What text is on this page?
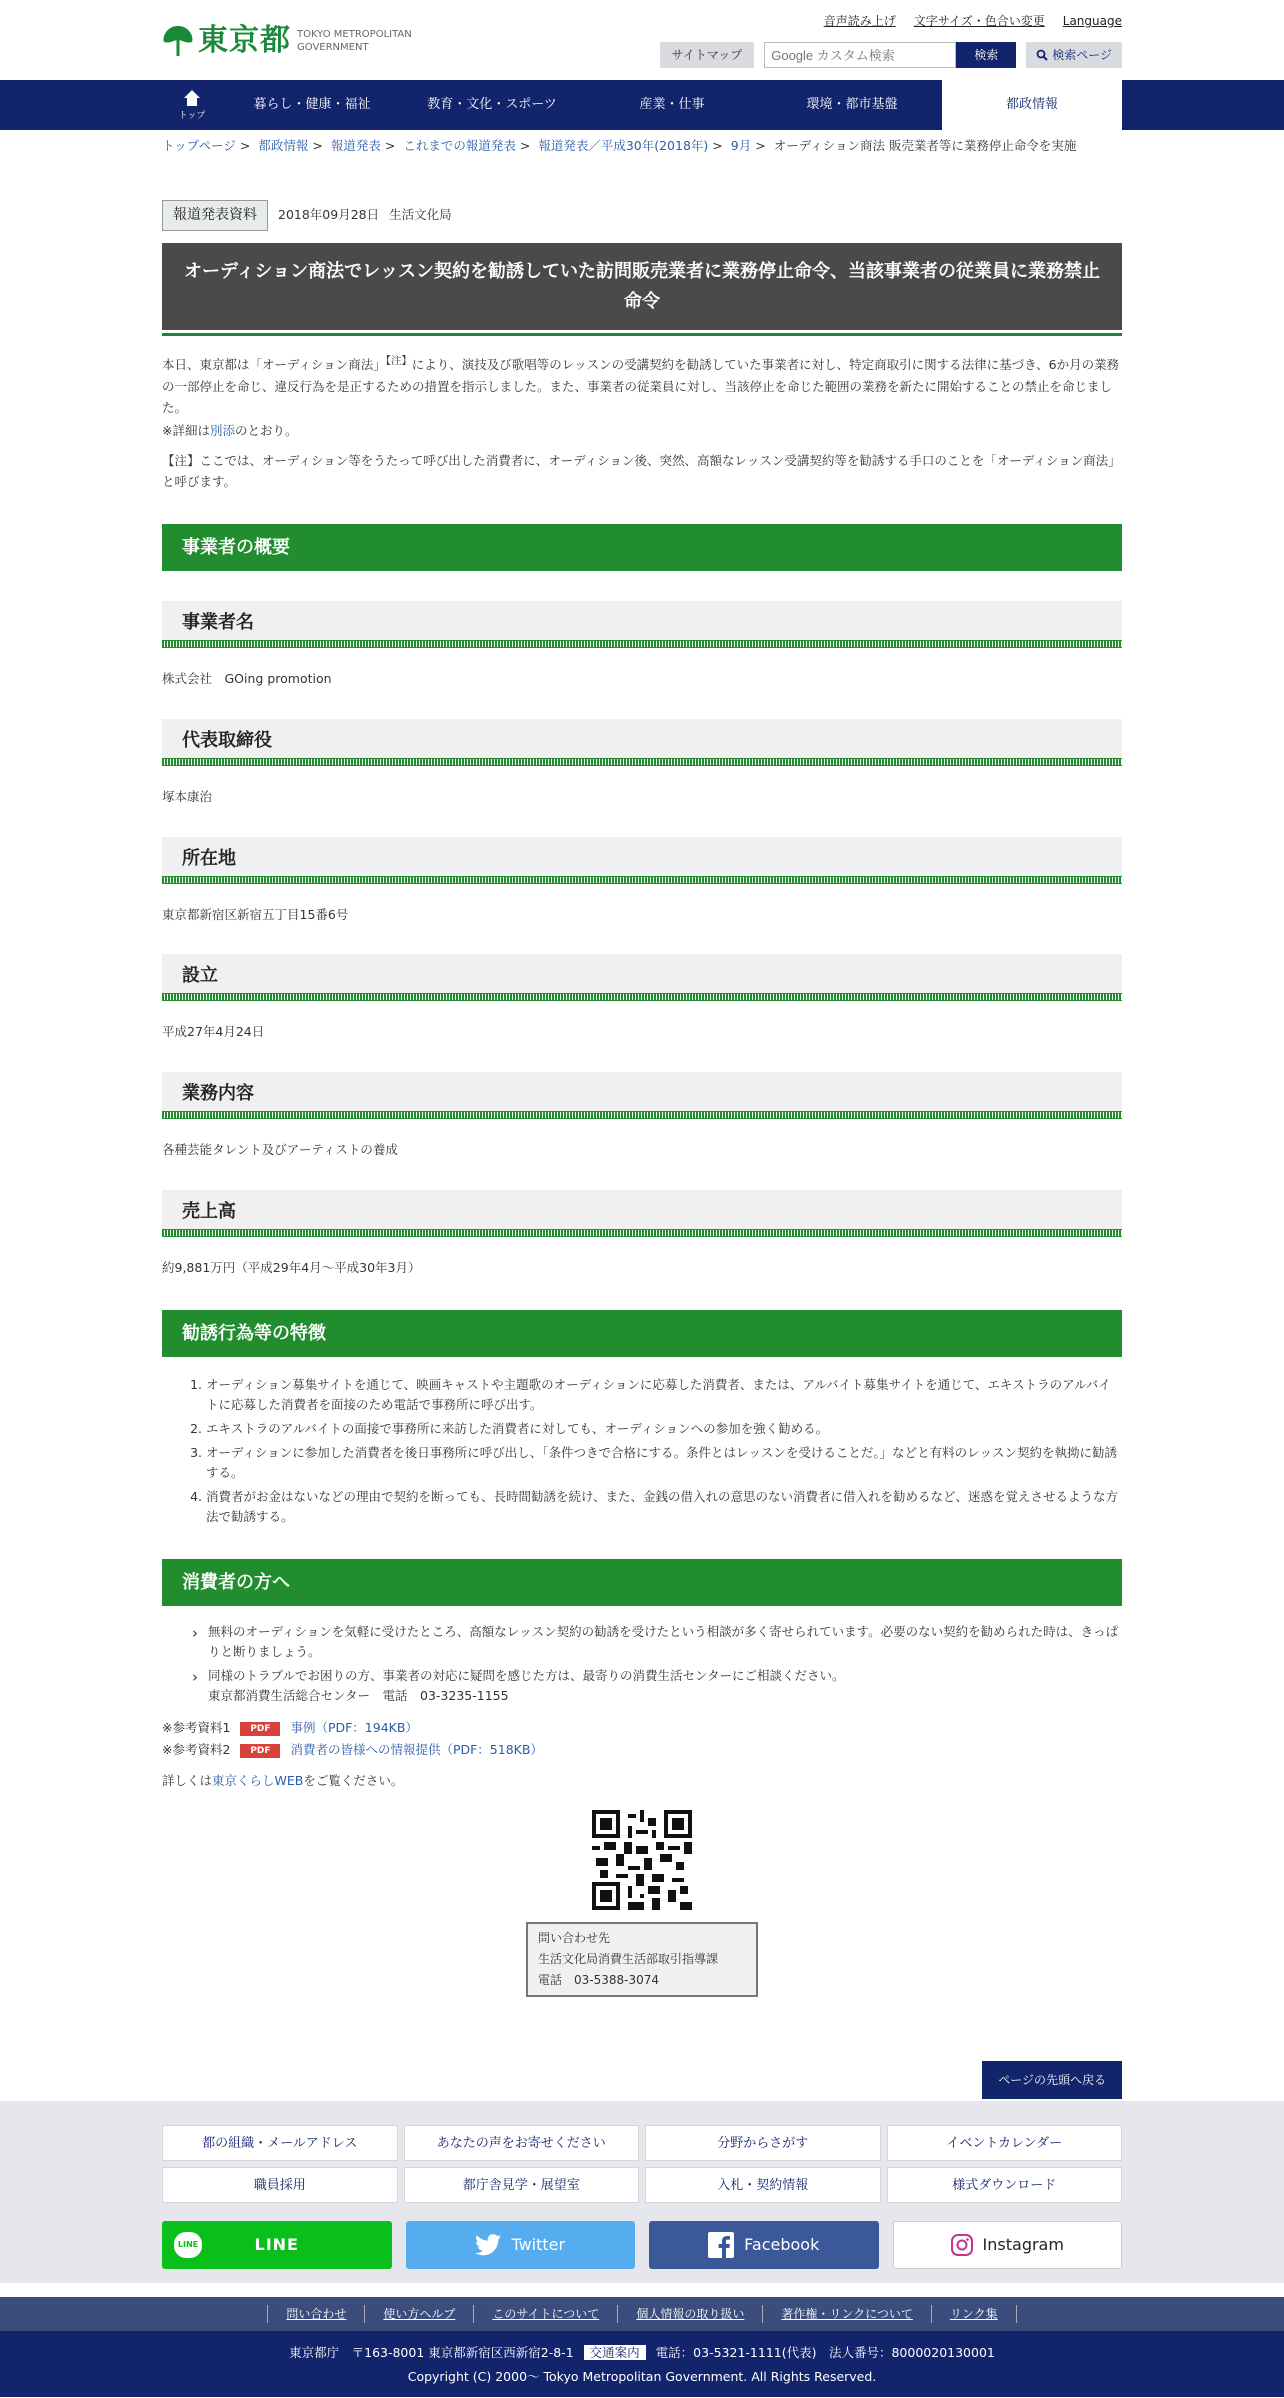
東京都 TOKYO METROPOLITAN
GOVERNMENT
音声読み上げ 文字サイズ・色合い変更 Language
サイトマップ
Google カスタム検索	検索	検索ページ
トップ
暮らし・健康・福祉	教育・文化・スポーツ	産業・仕事	環境・都市基盤	都政情報
トップページ > 都政情報 > 報道発表 > これまでの報道発表 > 報道発表／平成30年(2018年) > 9月 > オーディション商法 販売業者等に業務停止命令を実施
報道発表資料	2018年09月28日 生活文化局
オーディション商法でレッスン契約を勧誘していた訪問販売業者に業務停止命令、当該事業者の従業員に業務禁止命令

本日、東京都は「オーディション商法」$^{【注】}$により、演技及び歌唱等のレッスンの受講契約を勧誘していた事業者に対し、特定商取引に関する法律に基づき、6か月の業務の一部停止を命じ、違反行為を是正するための措置を指示しました。また、事業者の従業員に対し、当該停止を命じた範囲の業務を新たに開始することの禁止を命じました。

※詳細は別添のとおり。

【注】ここでは、オーディション等をうたって呼び出した消費者に、オーディション後、突然、高額なレッスン受講契約等を勧誘する手口のことを「オーディション商法」と呼びます。

事業者の概要
事業者名

株式会社　GOing promotion

代表取締役

塚本康治

所在地

東京都新宿区新宿五丁目15番6号

設立

平成27年4月24日

業務内容

各種芸能タレント及びアーティストの養成

売上高

約9,881万円（平成29年4月～平成30年3月）

勧誘行為等の特徴
1. オーディション募集サイトを通じて、映画キャストや主題歌のオーディションに応募した消費者、または、アルバイト募集サイトを通じて、エキストラのアルバイトに応募した消費者を面接のため電話で事務所に呼び出す。
2. エキストラのアルバイトの面接で事務所に来訪した消費者に対しても、オーディションへの参加を強く勧める。
3. オーディションに参加した消費者を後日事務所に呼び出し、「条件つきで合格にする。条件とはレッスンを受けることだ。」などと有料のレッスン契約を執拗に勧誘する。
4. 消費者がお金はないなどの理由で契約を断っても、長時間勧誘を続け、また、金銭の借入れの意思のない消費者に借入れを勧めるなど、迷惑を覚えさせるような方法で勧誘する。
消費者の方へ
› 無料のオーディションを気軽に受けたところ、高額なレッスン契約の勧誘を受けたという相談が多く寄せられています。必要のない契約を勧められた時は、きっぱりと断りましょう。
› 同様のトラブルでお困りの方、事業者の対応に疑問を感じた方は、最寄りの消費生活センターにご相談ください。
東京都消費生活総合センター　電話　03-3235-1155
※参考資料1	PDF	事例（PDF：194KB）
※参考資料2	PDF	消費者の皆様への情報提供（PDF：518KB）

詳しくは東京くらしWEBをご覧ください。

問い合わせ先
生活文化局消費生活部取引指導課
電話　03-5388-3074
ページの先頭へ戻る
都の組織・メールアドレス	あなたの声をお寄せください	分野からさがす	イベントカレンダー
職員採用	都庁舎見学・展望室	入札・契約情報	様式ダウンロード
LINE	LINE	Twitter	Facebook	Instagram
問い合わせ	使い方ヘルプ	このサイトについて	個人情報の取り扱い	著作権・リンクについて	リンク集
東京都庁　〒163-8001 東京都新宿区西新宿2-8-1 交通案内 電話：03-5321-1111(代表)　法人番号：8000020130001
Copyright (C) 2000～ Tokyo Metropolitan Government. All Rights Reserved.
